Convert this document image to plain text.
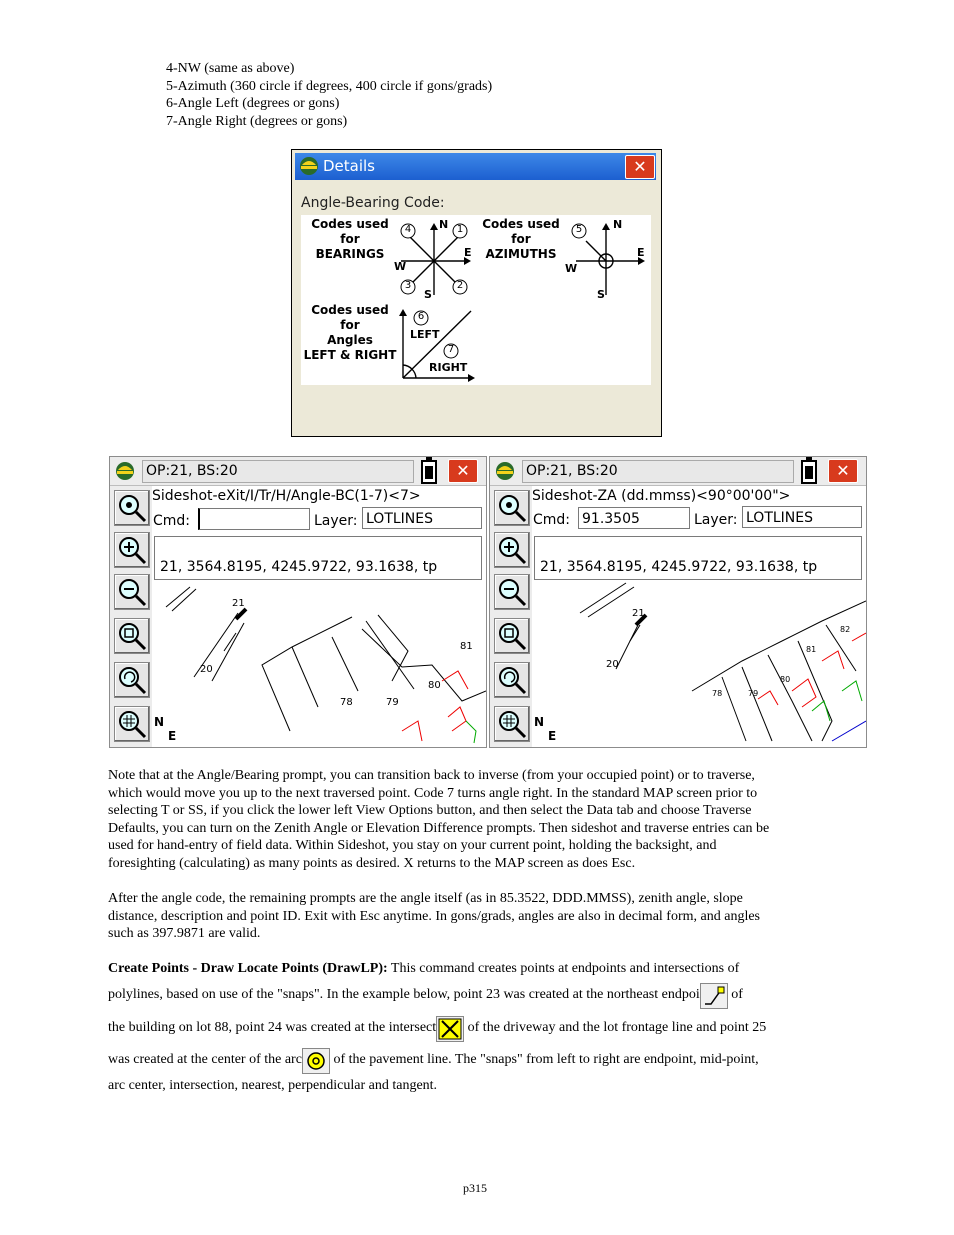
4-NW (same as above)
5-Azimuth (360 circle if degrees, 400 circle if gons/grads)
6-Angle Left (degrees or gons)
7-Angle Right (degrees or gons)
Details	✕
Angle-Bearing Code:
Codes used for
BEARINGS
Codes used for
AZIMUTHS
Codes used for
Angles
LEFT & RIGHT
N
E
S
W
N
E
S
W
4	1
3	2
5
6
7
LEFT
RIGHT
OP:21, BS:20	✕
Sideshot-eXit/I/Tr/H/Angle-BC(1-7)<7>
Cmd:	Layer: LOTLINES
21, 3564.8195, 4245.9722, 93.1638, tp
21
20
81
80
79
78
N
E
OP:21, BS:20	✕
Sideshot-ZA (dd.mmss)<90°00'00">
Cmd: 91.3505	Layer: LOTLINES
21, 3564.8195, 4245.9722, 93.1638, tp
21
20
82
81
80
79
78
N
E
Note that at the Angle/Bearing prompt, you can transition back to inverse (from your occupied point) or to traverse,
which would move you up to the next traversed point. Code 7 turns angle right. In the standard MAP screen prior to
selecting T or SS, if you click the lower left View Options button, and then select the Data tab and choose Traverse
Defaults, you can turn on the Zenith Angle or Elevation Difference prompts. Then sideshot and traverse entries can be
used for hand-entry of field data. Within Sideshot, you stay on your current point, holding the backsight, and
foresighting (calculating) as many points as desired. X returns to the MAP screen as does Esc.
After the angle code, the remaining prompts are the angle itself (as in 85.3522, DDD.MMSS), zenith angle, slope
distance, description and point ID. Exit with Esc anytime. In gons/grads, angles are also in decimal form, and angles
such as 397.9871 are valid.
Create Points - Draw Locate Points (DrawLP): This command creates points at endpoints and intersections of
polylines, based on use of the "snaps". In the example below, point 23 was created at the northeast endpoi of
the building on lot 88, point 24 was created at the intersect of the driveway and the lot frontage line and point 25
was created at the center of the arc of the pavement line. The "snaps" from left to right are endpoint, mid-point,
arc center, intersection, nearest, perpendicular and tangent.
p315
